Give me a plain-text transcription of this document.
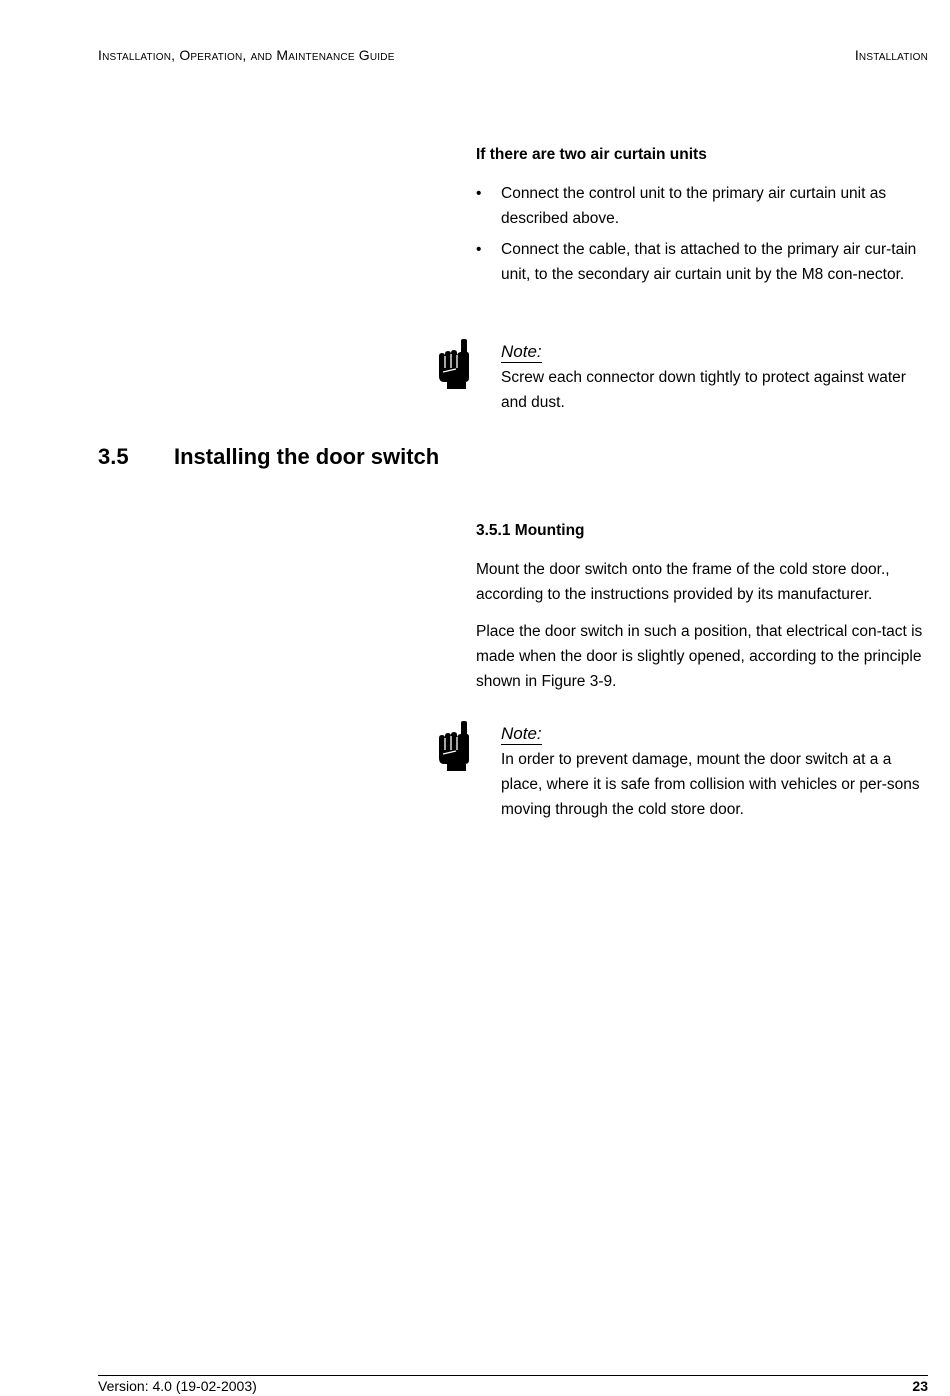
Installation, Operation, and Maintenance Guide	Installation
If there are two air curtain units
• Connect the control unit to the primary air curtain unit as described above.
• Connect the cable, that is attached to the primary air cur-tain unit, to the secondary air curtain unit by the M8 con-nector.
Note:
Screw each connector down tightly to protect against water and dust.
3.5 Installing the door switch
3.5.1 Mounting
Mount the door switch onto the frame of the cold store door., according to the instructions provided by its manufacturer.
Place the door switch in such a position, that electrical con-tact is made when the door is slightly opened, according to the principle shown in Figure 3-9.
Note:
In order to prevent damage, mount the door switch at a a place, where it is safe from collision with vehicles or per-sons moving through the cold store door.
Version: 4.0 (19-02-2003)	23
